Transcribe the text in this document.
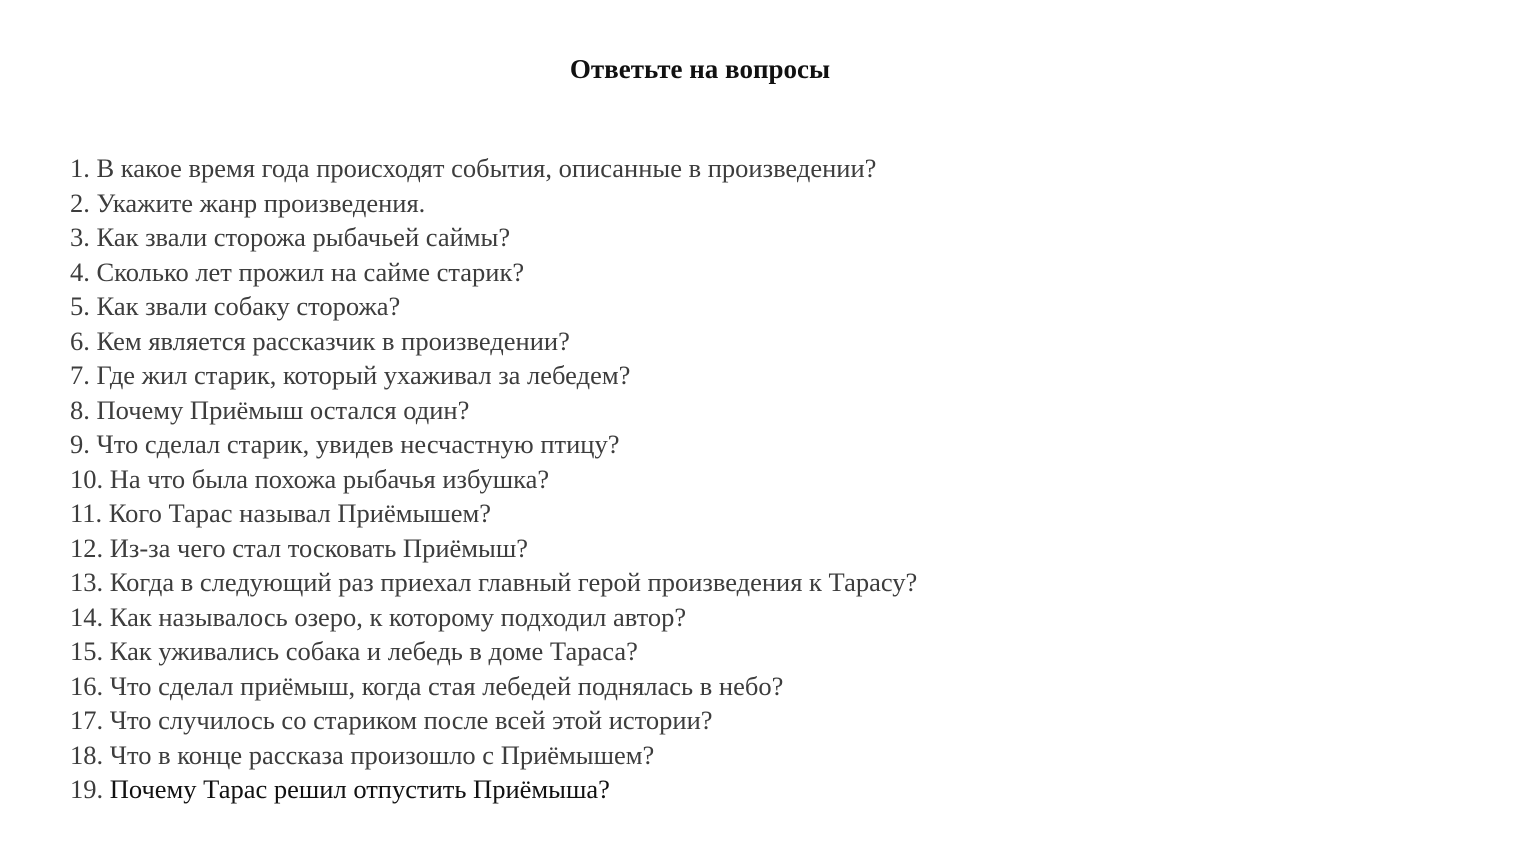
Ответьте на вопросы
1. В какое время года происходят события, описанные в произведении?
2. Укажите жанр произведения.
3. Как звали сторожа рыбачьей саймы?
4. Сколько лет прожил на сайме старик?
5. Как звали собаку сторожа?
6. Кем является рассказчик в произведении?
7. Где жил старик, который ухаживал за лебедем?
8. Почему Приёмыш остался один?
9. Что сделал старик, увидев несчастную птицу?
10. На что была похожа рыбачья избушка?
11. Кого Тарас называл Приёмышем?
12. Из-за чего стал тосковать Приёмыш?
13. Когда в следующий раз приехал главный герой произведения к Тарасу?
14. Как называлось озеро, к которому подходил автор?
15. Как уживались собака и лебедь в доме Тараса?
16. Что сделал приёмыш, когда стая лебедей поднялась в небо?
17. Что случилось со стариком после всей этой истории?
18. Что в конце рассказа произошло с Приёмышем?
19. Почему Тарас решил отпустить Приёмыша?
